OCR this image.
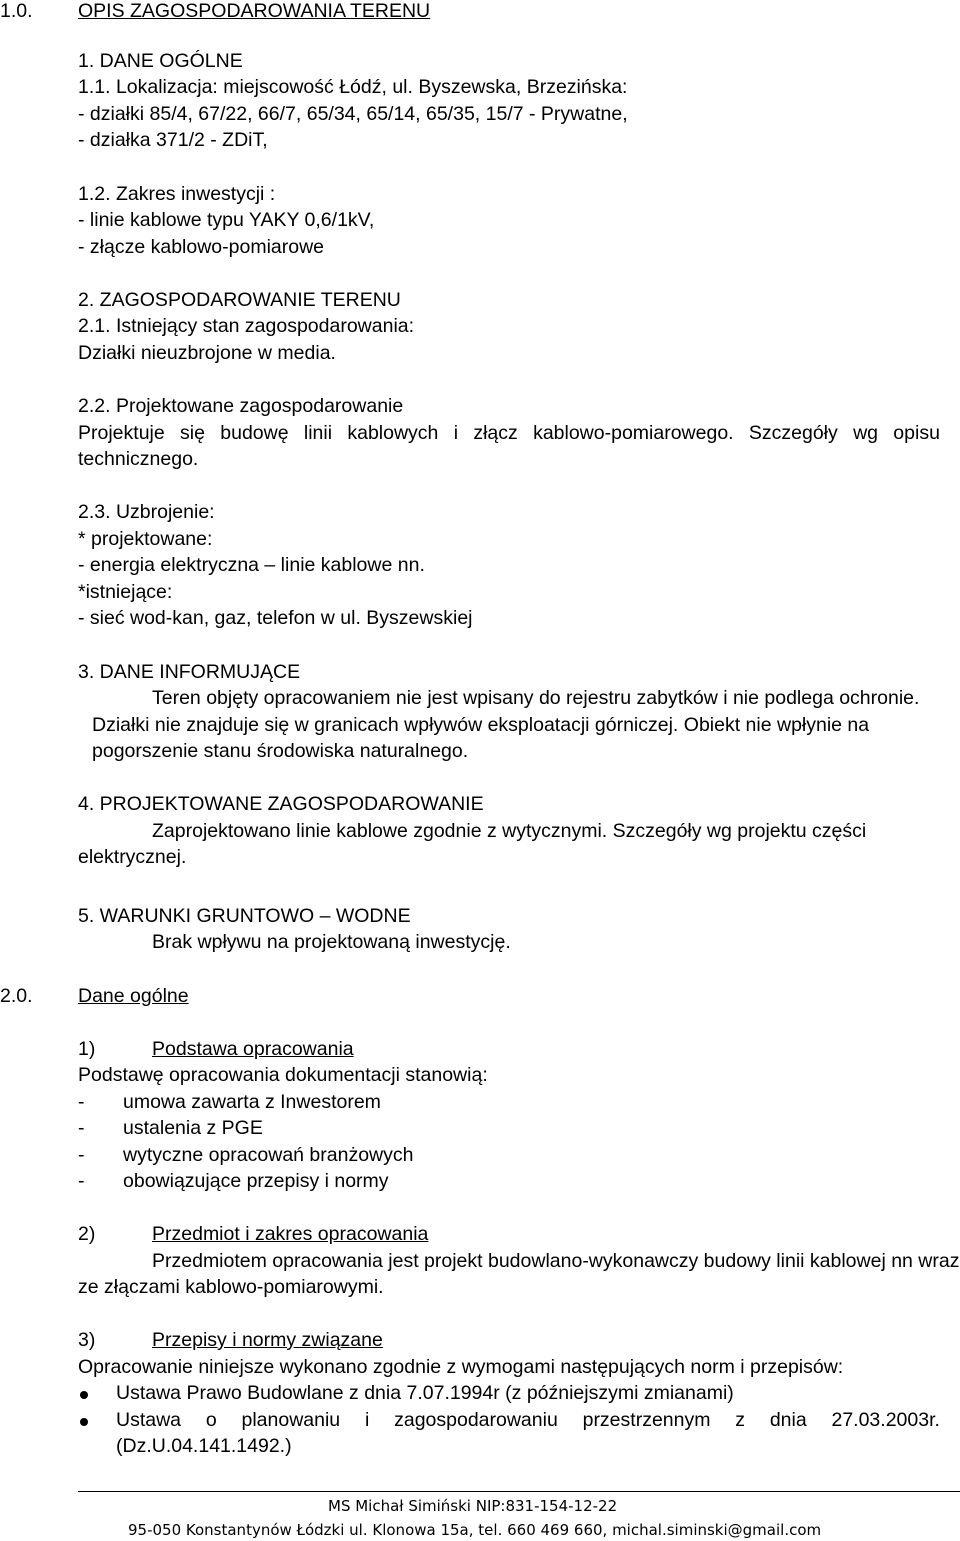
1.0. OPIS ZAGOSPODAROWANIA TERENU
1. DANE OGÓLNE
1.1. Lokalizacja: miejscowość Łódź, ul. Byszewska, Brzezińska:
- działki 85/4, 67/22, 66/7, 65/34, 65/14, 65/35, 15/7 - Prywatne,
- działka 371/2 - ZDiT,
1.2. Zakres inwestycji :
- linie kablowe typu YAKY 0,6/1kV,
- złącze kablowo-pomiarowe
2. ZAGOSPODAROWANIE TERENU
2.1. Istniejący stan zagospodarowania:
Działki nieuzbrojone w media.
2.2. Projektowane zagospodarowanie
Projektuje się budowę linii kablowych i złącz kablowo-pomiarowego. Szczegóły wg opisu
technicznego.
2.3. Uzbrojenie:
* projektowane:
- energia elektryczna – linie kablowe nn.
*istniejące:
- sieć wod-kan, gaz, telefon w ul. Byszewskiej
3. DANE INFORMUJĄCE
Teren objęty opracowaniem nie jest wpisany do rejestru zabytków i nie podlega ochronie.
Działki nie znajduje się w granicach wpływów eksploatacji górniczej. Obiekt nie wpłynie na
pogorszenie stanu środowiska naturalnego.
4. PROJEKTOWANE ZAGOSPODAROWANIE
Zaprojektowano linie kablowe zgodnie z wytycznymi. Szczegóły wg projektu części
elektrycznej.
5. WARUNKI GRUNTOWO – WODNE
Brak wpływu na projektowaną inwestycję.
2.0. Dane ogólne
1)	Podstawa opracowania
Podstawę opracowania dokumentacji stanowią:
- umowa zawarta z Inwestorem
- ustalenia z PGE
- wytyczne opracowań branżowych
- obowiązujące przepisy i normy
2)	Przedmiot i zakres opracowania
Przedmiotem opracowania jest projekt budowlano-wykonawczy budowy linii kablowej nn wraz
ze złączami kablowo-pomiarowymi.
3)	Przepisy i normy związane
Opracowanie niniejsze wykonano zgodnie z wymogami następujących norm i przepisów:
Ustawa Prawo Budowlane z dnia 7.07.1994r (z późniejszymi zmianami)
Ustawa o planowaniu i zagospodarowaniu przestrzennym z dnia 27.03.2003r.
(Dz.U.04.141.1492.)
MS Michał Simiński NIP:831-154-12-22
95-050 Konstantynów Łódzki ul. Klonowa 15a, tel. 660 469 660, michal.siminski@gmail.com
